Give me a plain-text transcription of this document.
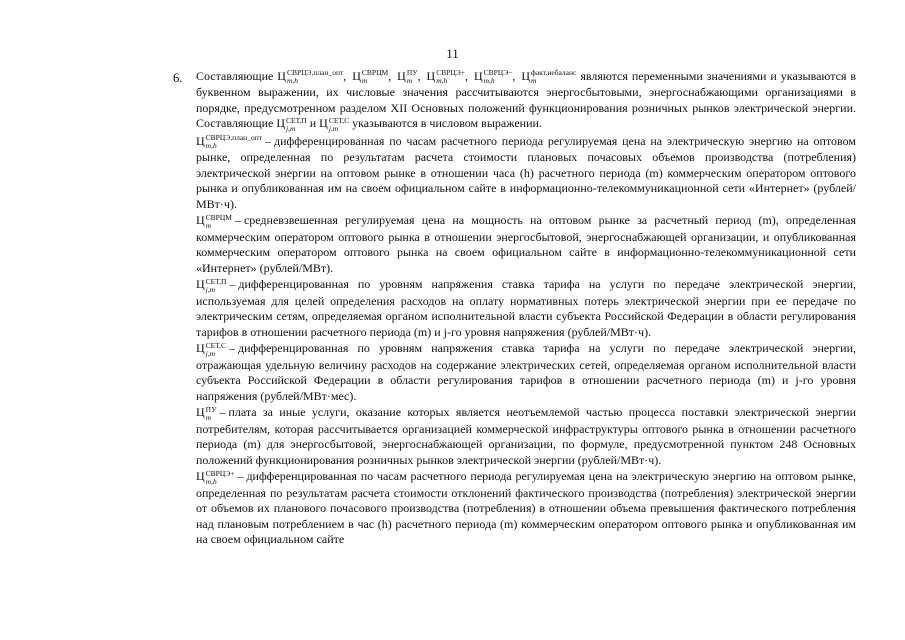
11
6. Составляющие Ц СВРЦЭ,план_опт
m,h	, Ц СВРЦМ
m	, Ц ПУ
m , Ц СВРЦЭ+
m,h	, Ц СВРЦЭ−
m,h	, Ц факт,небаланс
m	являются переменными значениями и указываются в буквенном выражении, их числовые значения рассчитываются энергосбытовыми, энергоснабжающими организациями в порядке, предусмотренном разделом XII Основных положений функционирования розничных рынков электрической энергии. Составляющие Ц СЕТ,П
j,m	и Ц СЕТ,С
j,m	указываются в числовом выражении.

Ц СВРЦЭ,план_опт
m,h	– дифференцированная по часам расчетного периода регулируемая цена на электрическую энергию на оптовом рынке, определенная по результатам расчета стоимости плановых почасовых объемов производства (потребления) электрической энергии на оптовом рынке в отношении часа (h) расчетного периода (m) коммерческим оператором оптового рынка и опубликованная им на своем официальном сайте в информационно-телекоммуникационной сети «Интернет» (рублей/МВт·ч).

Ц СВРЦМ
m	– средневзвешенная регулируемая цена на мощность на оптовом рынке за расчетный период (m), определенная коммерческим оператором оптового рынка в отношении энергосбытовой, энергоснабжающей организации, и опубликованная коммерческим оператором оптового рынка на своем официальном сайте в информационно-телекоммуникационной сети «Интернет» (рублей/МВт).

Ц СЕТ,П
j,m	– дифференцированная по уровням напряжения ставка тарифа на услуги по передаче электрической энергии, используемая для целей определения расходов на оплату нормативных потерь электрической энергии при ее передаче по электрическим сетям, определяемая органом исполнительной власти субъекта Российской Федерации в области регулирования тарифов в отношении расчетного периода (m) и j-го уровня напряжения (рублей/МВт·ч).

Ц СЕТ,С
j,m	– дифференцированная по уровням напряжения ставка тарифа на услуги по передаче электрической энергии, отражающая удельную величину расходов на содержание электрических сетей, определяемая органом исполнительной власти субъекта Российской Федерации в области регулирования тарифов в отношении расчетного периода (m) и j-го уровня напряжения (рублей/МВт·мес).

Ц ПУ
m – плата за иные услуги, оказание которых является неотъемлемой частью процесса поставки электрической энергии потребителям, которая рассчитывается организацией коммерческой инфраструктуры оптового рынка в отношении расчетного периода (m) для энергосбытовой, энергоснабжающей организации, по формуле, предусмотренной пунктом 248 Основных положений функционирования розничных рынков электрической энергии (рублей/МВт·ч).

Ц СВРЦЭ+
m,h	– дифференцированная по часам расчетного периода регулируемая цена на электрическую энергию на оптовом рынке, определенная по результатам расчета стоимости отклонений фактического производства (потребления) электрической энергии от объемов их планового почасового производства (потребления) в отношении объема превышения фактического потребления над плановым потреблением в час (h) расчетного периода (m) коммерческим оператором оптового рынка и опубликованная им на своем официальном сайте
